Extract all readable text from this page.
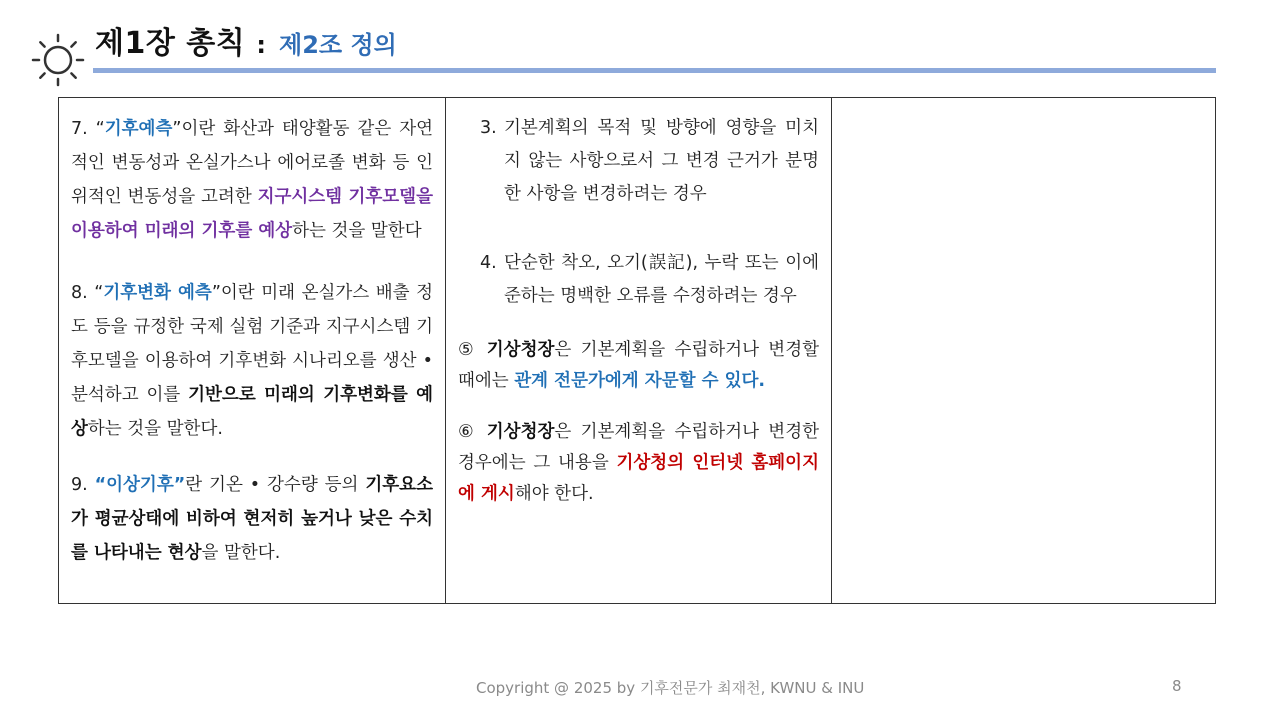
제1장 총칙 : 제2조 정의
7. “기후예측”이란 화산과 태양활동 같은 자연적인 변동성과 온실가스나 에어로졸 변화 등 인위적인 변동성을 고려한 지구시스템 기후모델을 이용하여 미래의 기후를 예상하는 것을 말한다
8. “기후변화 예측”이란 미래 온실가스 배출 정도 등을 규정한 국제 실험 기준과 지구시스템 기후모델을 이용하여 기후변화 시나리오를 생산 • 분석하고 이를 기반으로 미래의 기후변화를 예상하는 것을 말한다.
9. “이상기후”란 기온 • 강수량 등의 기후요소가 평균상태에 비하여 현저히 높거나 낮은 수치를 나타내는 현상을 말한다.
3. 기본계획의 목적 및 방향에 영향을 미치지 않는 사항으로서 그 변경 근거가 분명한 사항을 변경하려는 경우
4. 단순한 착오, 오기(誤記), 누락 또는 이에 준하는 명백한 오류를 수정하려는 경우
⑤ 기상청장은 기본계획을 수립하거나 변경할 때에는 관계 전문가에게 자문할 수 있다.
⑥ 기상청장은 기본계획을 수립하거나 변경한 경우에는 그 내용을 기상청의 인터넷 홈페이지에 게시해야 한다.
Copyright @ 2025 by 기후전문가 최재천, KWNU & INU	8
